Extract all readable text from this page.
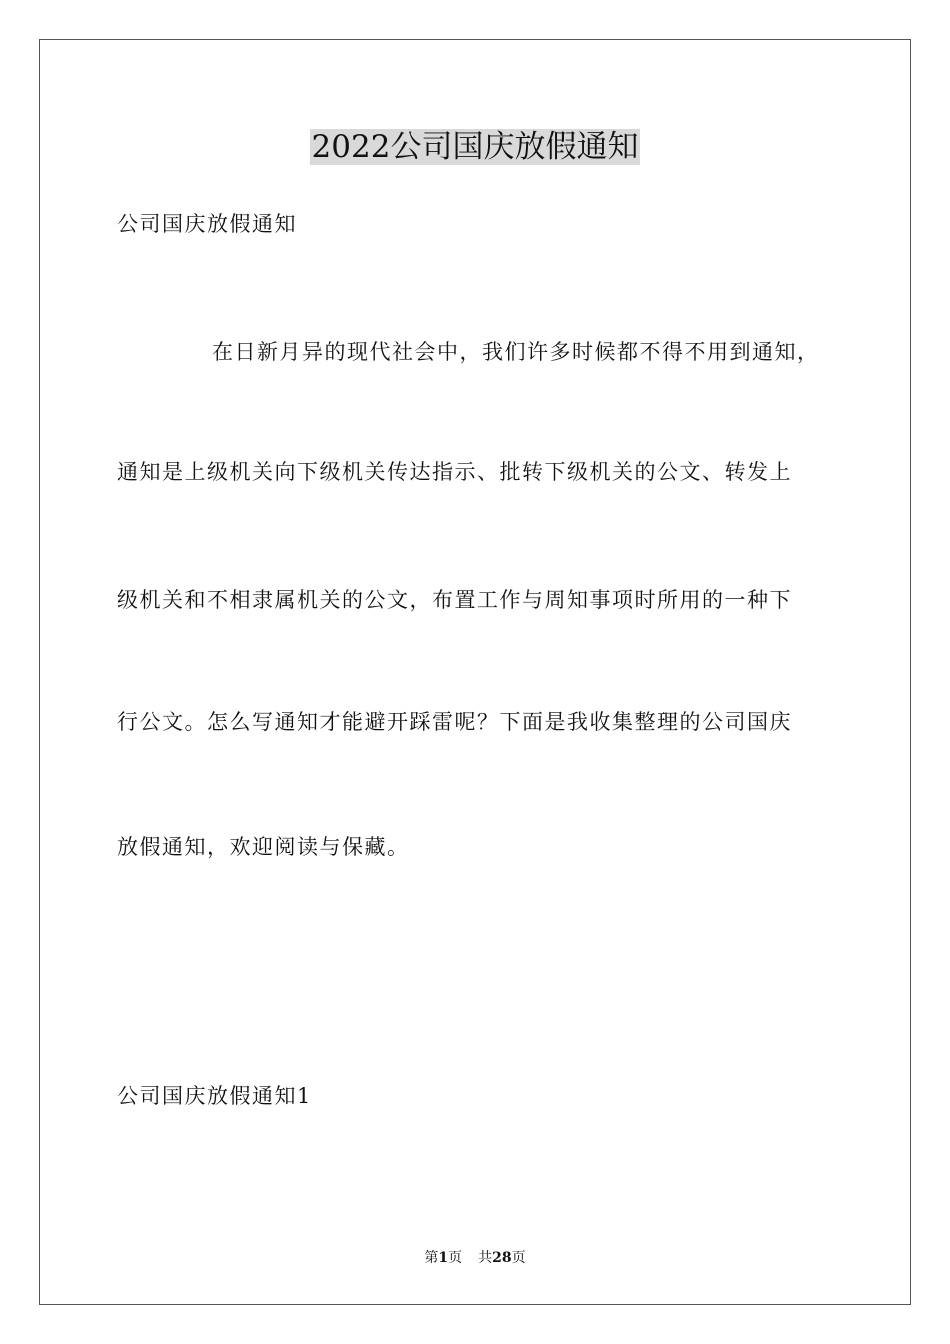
2022公司国庆放假通知

公司国庆放假通知

在日新月异的现代社会中，我们许多时候都不得不用到通知，

通知是上级机关向下级机关传达指示、批转下级机关的公文、转发上

级机关和不相隶属机关的公文，布置工作与周知事项时所用的一种下

行公文。怎么写通知才能避开踩雷呢？下面是我收集整理的公司国庆

放假通知，欢迎阅读与保藏。

公司国庆放假通知1

第1页 共28页
